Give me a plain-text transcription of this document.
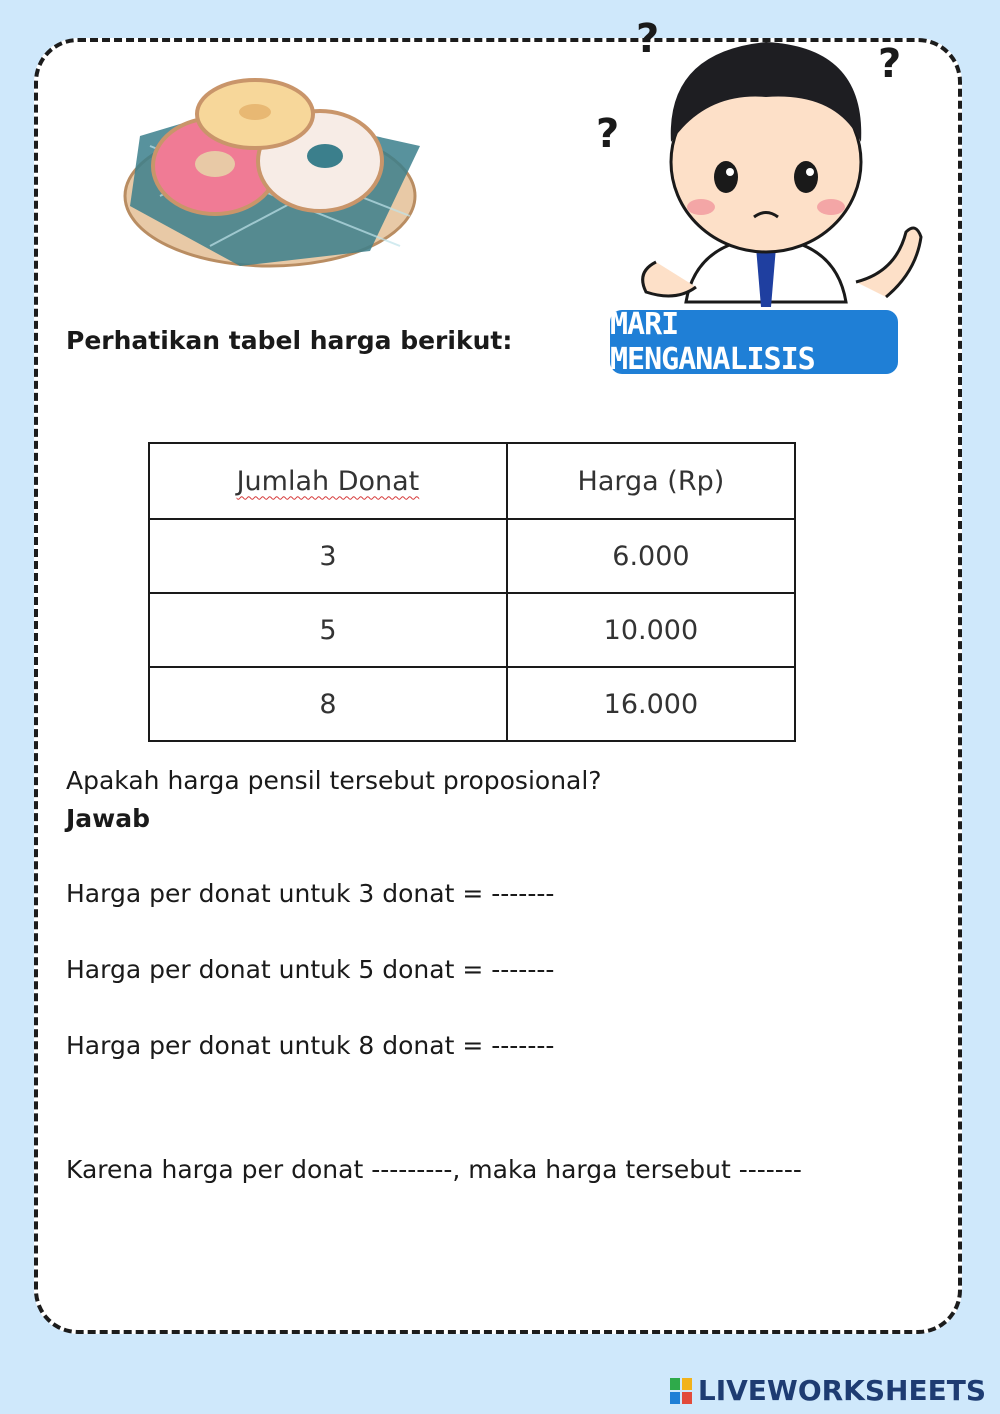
?
?
?
Perhatikan tabel harga berikut:	MARI MENGANALISIS
Jumlah Donat	Harga (Rp)
3	6.000
5	10.000
8	16.000
Apakah harga pensil tersebut proposional?
Jawab
Harga per donat untuk 3 donat = -------
Harga per donat untuk 5 donat = -------
Harga per donat untuk 8 donat = -------
Karena harga per donat ---------, maka harga tersebut -------
LIVEWORKSHEETS
